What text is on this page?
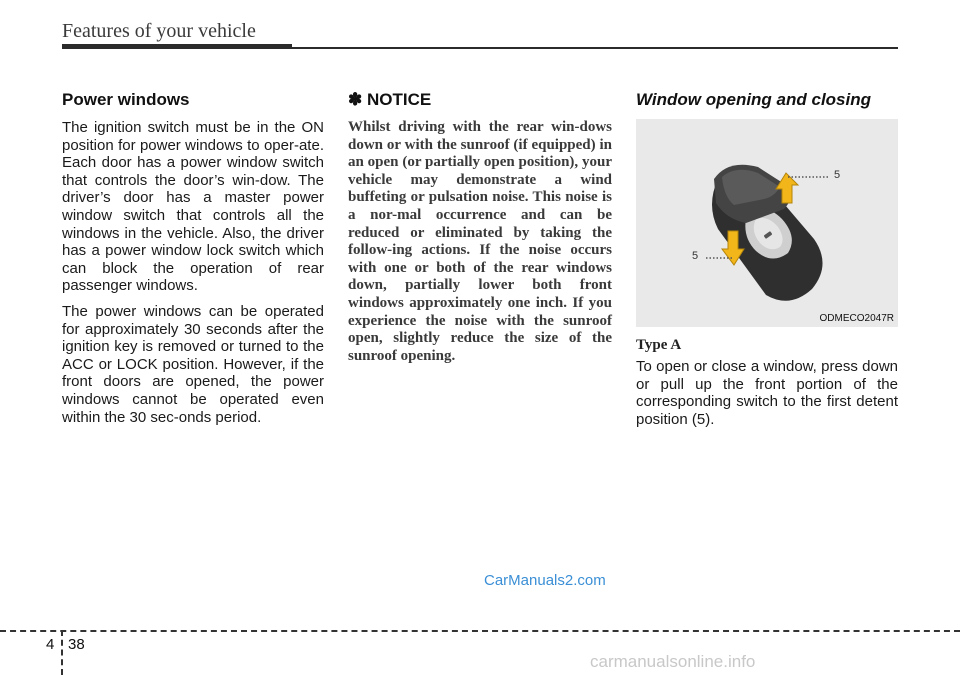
Features of your vehicle
Power windows

The ignition switch must be in the ON position for power windows to oper-ate. Each door has a power window switch that controls the door’s win-dow. The driver’s door has a master power window switch that controls all the windows in the vehicle. Also, the driver has a power window lock switch which can block the operation of rear passenger windows.

The power windows can be operated for approximately 30 seconds after the ignition key is removed or turned to the ACC or LOCK position. However, if the front doors are opened, the power windows cannot be operated even within the 30 sec-onds period.

✽ NOTICE

Whilst driving with the rear win-dows down or with the sunroof (if equipped) in an open (or partially open position), your vehicle may demonstrate a wind buffeting or pulsation noise. This noise is a nor-mal occurrence and can be reduced or eliminated by taking the follow-ing actions. If the noise occurs with one or both of the rear windows down, partially lower both front windows approximately one inch. If you experience the noise with the sunroof open, slightly reduce the size of the sunroof opening.

Window opening and closing
5
5
ODMECO2047R
Type A

To open or close a window, press down or pull up the front portion of the corresponding switch to the first detent position (5).

CarManuals2.com
4 38
carmanualsonline.info
